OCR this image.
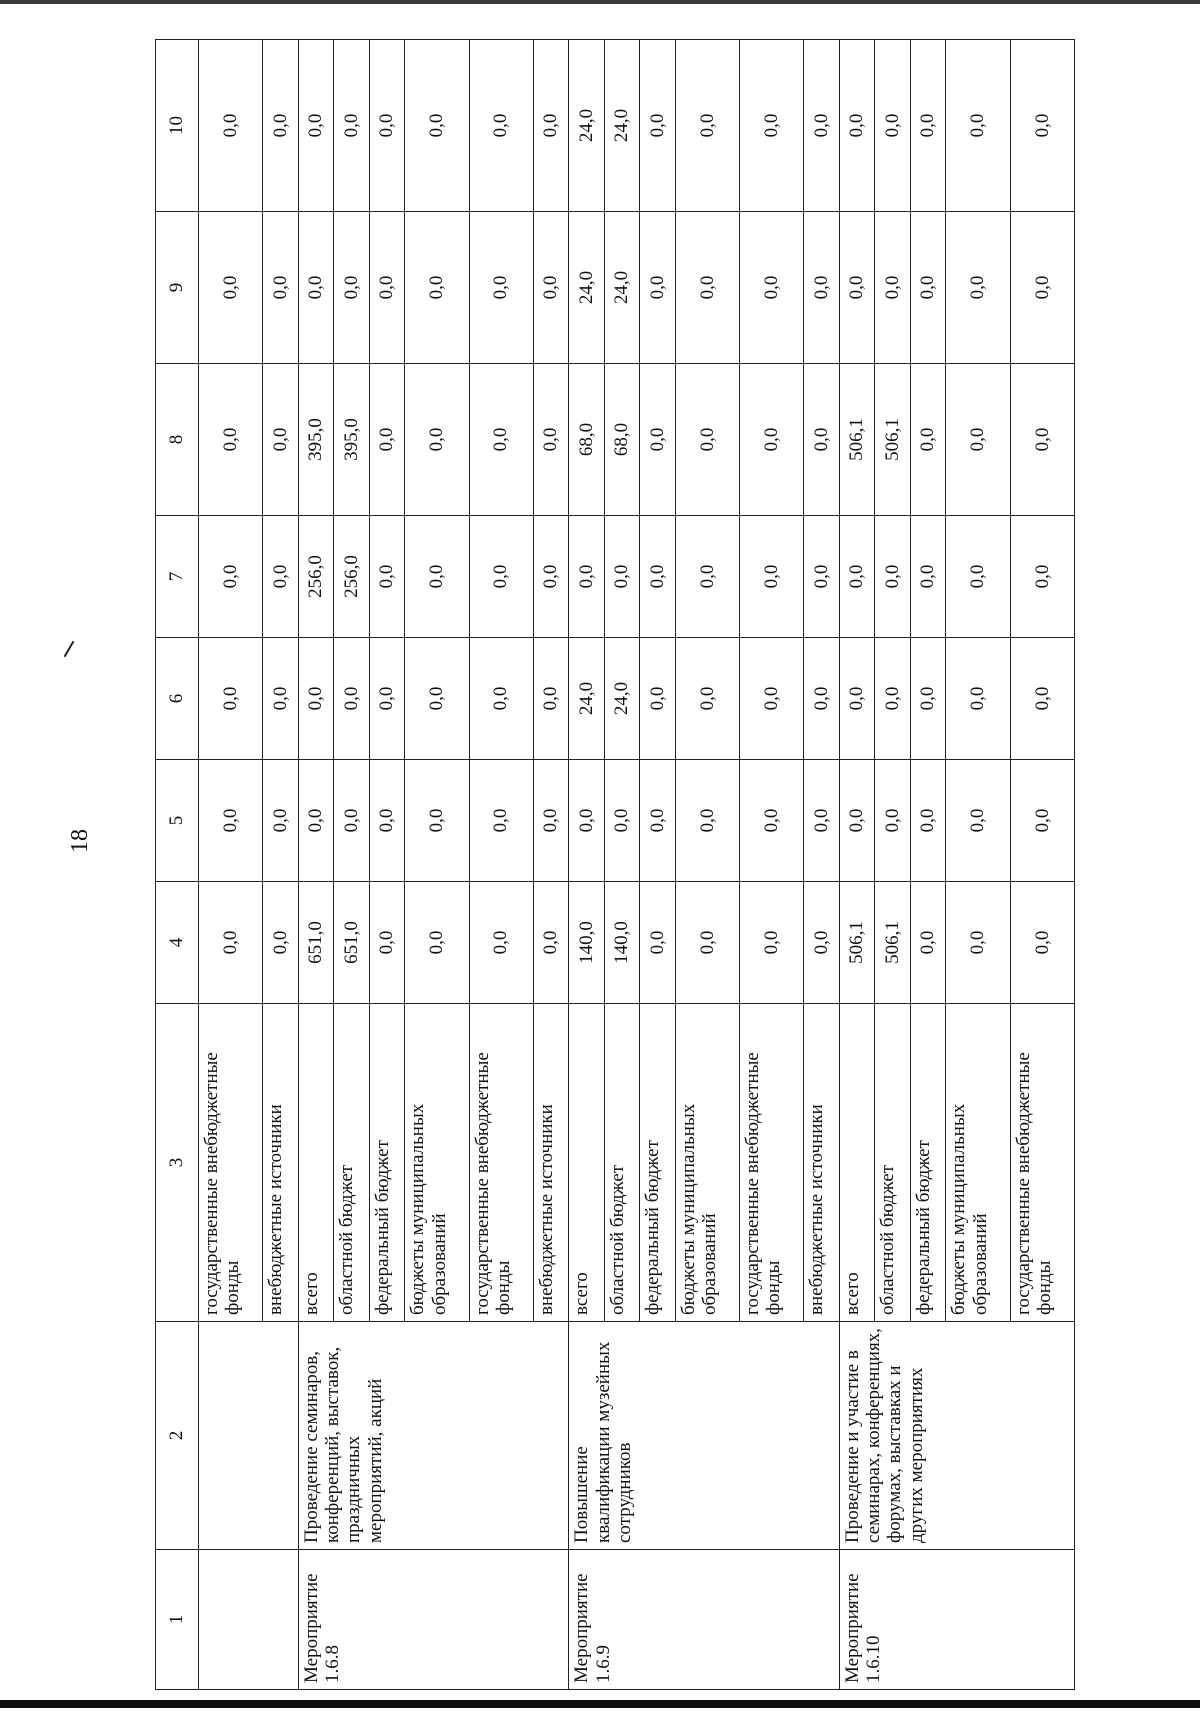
18
1	2	3	4	5	6	7	8	9	10
		государственные внебюджетные фонды	0,0	0,0	0,0	0,0	0,0	0,0	0,0
		внебюджетные источники	0,0	0,0	0,0	0,0	0,0	0,0	0,0
Мероприятие 1.6.8	Проведение семинаров, конференций, выставок, праздничных мероприятий, акций	всего	651,0	0,0	0,0	256,0	395,0	0,0	0,0
		областной бюджет	651,0	0,0	0,0	256,0	395,0	0,0	0,0
		федеральный бюджет	0,0	0,0	0,0	0,0	0,0	0,0	0,0
		бюджеты муниципальных образований	0,0	0,0	0,0	0,0	0,0	0,0	0,0
		государственные внебюджетные фонды	0,0	0,0	0,0	0,0	0,0	0,0	0,0
		внебюджетные источники	0,0	0,0	0,0	0,0	0,0	0,0	0,0
Мероприятие 1.6.9	Повышение квалификации музейных сотрудников	всего	140,0	0,0	24,0	0,0	68,0	24,0	24,0
		областной бюджет	140,0	0,0	24,0	0,0	68,0	24,0	24,0
		федеральный бюджет	0,0	0,0	0,0	0,0	0,0	0,0	0,0
		бюджеты муниципальных образований	0,0	0,0	0,0	0,0	0,0	0,0	0,0
		государственные внебюджетные фонды	0,0	0,0	0,0	0,0	0,0	0,0	0,0
		внебюджетные источники	0,0	0,0	0,0	0,0	0,0	0,0	0,0
Мероприятие 1.6.10	Проведение и участие в семинарах, конференциях, форумах, выставках и других мероприятиях	всего	506,1	0,0	0,0	0,0	506,1	0,0	0,0
		областной бюджет	506,1	0,0	0,0	0,0	506,1	0,0	0,0
		федеральный бюджет	0,0	0,0	0,0	0,0	0,0	0,0	0,0
		бюджеты муниципальных образований	0,0	0,0	0,0	0,0	0,0	0,0	0,0
		государственные внебюджетные фонды	0,0	0,0	0,0	0,0	0,0	0,0	0,0
